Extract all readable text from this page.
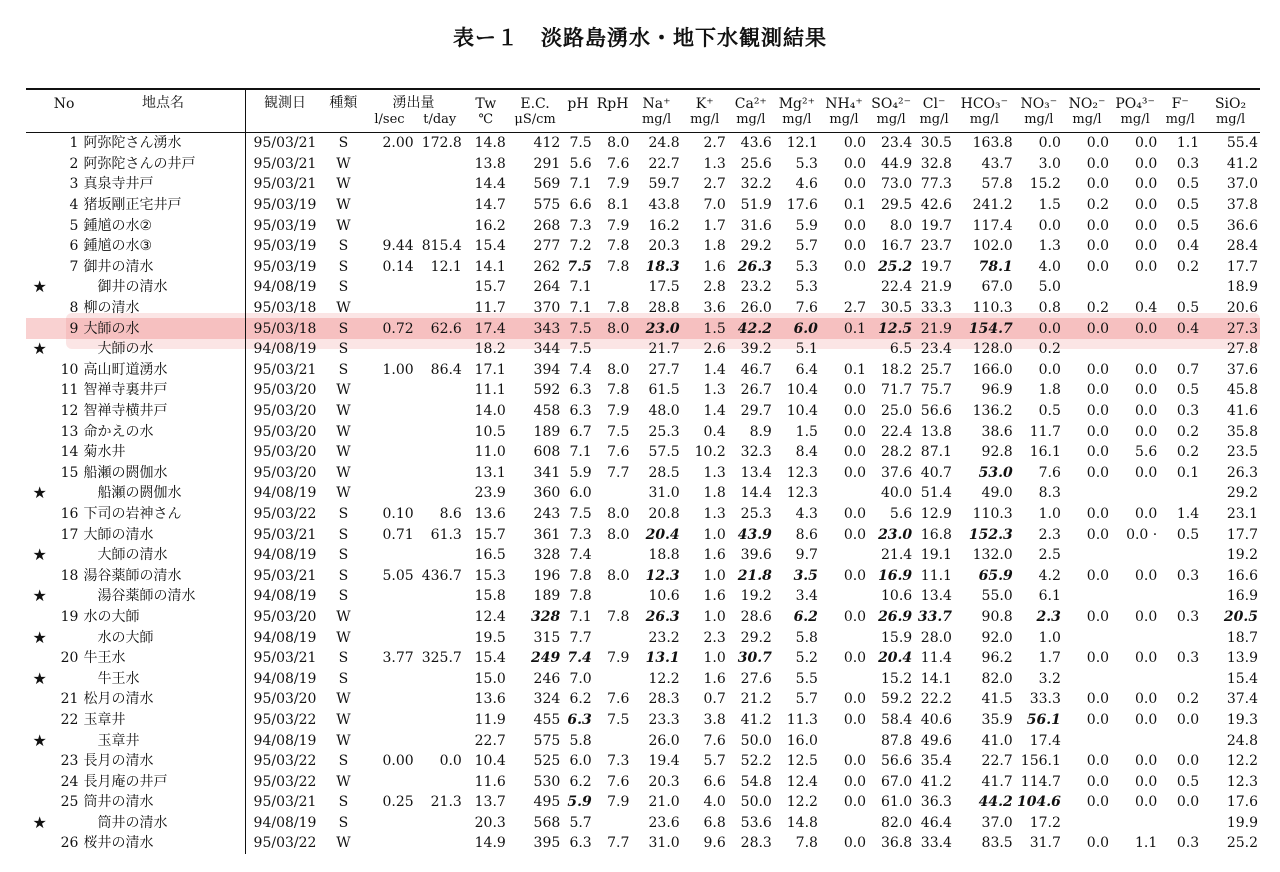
表ー１　淡路島湧水・地下水観測結果
No		地点名	観測日	種類	湧出量		Tw	E.C.	pH	RpH	Na⁺	K⁺	Ca²⁺	Mg²⁺	NH₄⁺	SO₄²⁻	Cl⁻	HCO₃⁻	NO₃⁻	NO₂⁻	PO₄³⁻	F⁻	SiO₂
					l/sec	t/day	℃	μS/cm			mg/l	mg/l	mg/l	mg/l	mg/l	mg/l	mg/l	mg/l	mg/l	mg/l	mg/l	mg/l	mg/l
	1	阿弥陀さん湧水	95/03/21	S	2.00	172.8	14.8	412	7.5	8.0	24.8	2.7	43.6	12.1	0.0	23.4	30.5	163.8	0.0	0.0	0.0	1.1	55.4
	2	阿弥陀さんの井戸	95/03/21	W			13.8	291	5.6	7.6	22.7	1.3	25.6	5.3	0.0	44.9	32.8	43.7	3.0	0.0	0.0	0.3	41.2
	3	真泉寺井戸	95/03/21	W			14.4	569	7.1	7.9	59.7	2.7	32.2	4.6	0.0	73.0	77.3	57.8	15.2	0.0	0.0	0.5	37.0
	4	猪坂剛正宅井戸	95/03/19	W			14.7	575	6.6	8.1	43.8	7.0	51.9	17.6	0.1	29.5	42.6	241.2	1.5	0.2	0.0	0.5	37.8
	5	鍾馗の水②	95/03/19	W			16.2	268	7.3	7.9	16.2	1.7	31.6	5.9	0.0	8.0	19.7	117.4	0.0	0.0	0.0	0.5	36.6
	6	鍾馗の水③	95/03/19	S	9.44	815.4	15.4	277	7.2	7.8	20.3	1.8	29.2	5.7	0.0	16.7	23.7	102.0	1.3	0.0	0.0	0.4	28.4
	7	御井の清水	95/03/19	S	0.14	12.1	14.1	262	7.5	7.8	18.3	1.6	26.3	5.3	0.0	25.2	19.7	78.1	4.0	0.0	0.0	0.2	17.7
★		御井の清水	94/08/19	S			15.7	264	7.1		17.5	2.8	23.2	5.3		22.4	21.9	67.0	5.0				18.9
	8	柳の清水	95/03/18	W			11.7	370	7.1	7.8	28.8	3.6	26.0	7.6	2.7	30.5	33.3	110.3	0.8	0.2	0.4	0.5	20.6
	9	大師の水	95/03/18	S	0.72	62.6	17.4	343	7.5	8.0	23.0	1.5	42.2	6.0	0.1	12.5	21.9	154.7	0.0	0.0	0.0	0.4	27.3
★		大師の水	94/08/19	S			18.2	344	7.5		21.7	2.6	39.2	5.1		6.5	23.4	128.0	0.2				27.8
	10	高山町道湧水	95/03/21	S	1.00	86.4	17.1	394	7.4	8.0	27.7	1.4	46.7	6.4	0.1	18.2	25.7	166.0	0.0	0.0	0.0	0.7	37.6
	11	智禅寺裏井戸	95/03/20	W			11.1	592	6.3	7.8	61.5	1.3	26.7	10.4	0.0	71.7	75.7	96.9	1.8	0.0	0.0	0.5	45.8
	12	智禅寺横井戸	95/03/20	W			14.0	458	6.3	7.9	48.0	1.4	29.7	10.4	0.0	25.0	56.6	136.2	0.5	0.0	0.0	0.3	41.6
	13	命かえの水	95/03/20	W			10.5	189	6.7	7.5	25.3	0.4	8.9	1.5	0.0	22.4	13.8	38.6	11.7	0.0	0.0	0.2	35.8
	14	菊水井	95/03/20	W			11.0	608	7.1	7.6	57.5	10.2	32.3	8.4	0.0	28.2	87.1	92.8	16.1	0.0	5.6	0.2	23.5
	15	船瀬の閼伽水	95/03/20	W			13.1	341	5.9	7.7	28.5	1.3	13.4	12.3	0.0	37.6	40.7	53.0	7.6	0.0	0.0	0.1	26.3
★		船瀬の閼伽水	94/08/19	W			23.9	360	6.0		31.0	1.8	14.4	12.3		40.0	51.4	49.0	8.3				29.2
	16	下司の岩神さん	95/03/22	S	0.10	8.6	13.6	243	7.5	8.0	20.8	1.3	25.3	4.3	0.0	5.6	12.9	110.3	1.0	0.0	0.0	1.4	23.1
	17	大師の清水	95/03/21	S	0.71	61.3	15.7	361	7.3	8.0	20.4	1.0	43.9	8.6	0.0	23.0	16.8	152.3	2.3	0.0	0.0 ·	0.5	17.7
★		大師の清水	94/08/19	S			16.5	328	7.4		18.8	1.6	39.6	9.7		21.4	19.1	132.0	2.5				19.2
	18	湯谷薬師の清水	95/03/21	S	5.05	436.7	15.3	196	7.8	8.0	12.3	1.0	21.8	3.5	0.0	16.9	11.1	65.9	4.2	0.0	0.0	0.3	16.6
★		湯谷薬師の清水	94/08/19	S			15.8	189	7.8		10.6	1.6	19.2	3.4		10.6	13.4	55.0	6.1				16.9
	19	水の大師	95/03/20	W			12.4	328	7.1	7.8	26.3	1.0	28.6	6.2	0.0	26.9	33.7	90.8	2.3	0.0	0.0	0.3	20.5
★		水の大師	94/08/19	W			19.5	315	7.7		23.2	2.3	29.2	5.8		15.9	28.0	92.0	1.0				18.7
	20	牛王水	95/03/21	S	3.77	325.7	15.4	249	7.4	7.9	13.1	1.0	30.7	5.2	0.0	20.4	11.4	96.2	1.7	0.0	0.0	0.3	13.9
★		牛王水	94/08/19	S			15.0	246	7.0		12.2	1.6	27.6	5.5		15.2	14.1	82.0	3.2				15.4
	21	松月の清水	95/03/20	W			13.6	324	6.2	7.6	28.3	0.7	21.2	5.7	0.0	59.2	22.2	41.5	33.3	0.0	0.0	0.2	37.4
	22	玉章井	95/03/22	W			11.9	455	6.3	7.5	23.3	3.8	41.2	11.3	0.0	58.4	40.6	35.9	56.1	0.0	0.0	0.0	19.3
★		玉章井	94/08/19	W			22.7	575	5.8		26.0	7.6	50.0	16.0		87.8	49.6	41.0	17.4				24.8
	23	長月の清水	95/03/22	S	0.00	0.0	10.4	525	6.0	7.3	19.4	5.7	52.2	12.5	0.0	56.6	35.4	22.7	156.1	0.0	0.0	0.0	12.2
	24	長月庵の井戸	95/03/22	W			11.6	530	6.2	7.6	20.3	6.6	54.8	12.4	0.0	67.0	41.2	41.7	114.7	0.0	0.0	0.5	12.3
	25	筒井の清水	95/03/21	S	0.25	21.3	13.7	495	5.9	7.9	21.0	4.0	50.0	12.2	0.0	61.0	36.3	44.2	104.6	0.0	0.0	0.0	17.6
★		筒井の清水	94/08/19	S			20.3	568	5.7		23.6	6.8	53.6	14.8		82.0	46.4	37.0	17.2				19.9
	26	桜井の清水	95/03/22	W			14.9	395	6.3	7.7	31.0	9.6	28.3	7.8	0.0	36.8	33.4	83.5	31.7	0.0	1.1	0.3	25.2
